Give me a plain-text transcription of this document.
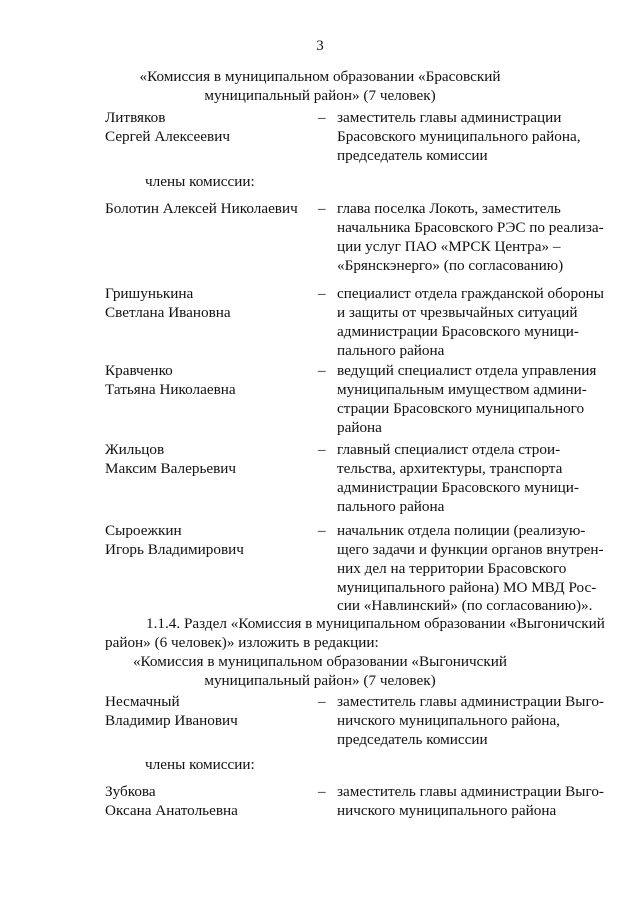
3
«Комиссия в муниципальном образовании «Брасовский
муниципальный район» (7 человек)
Литвяков
Сергей Алексеевич
– заместитель главы администрации
Брасовского муниципального района,
председатель комиссии
члены комиссии:
Болотин Алексей Николаевич – глава поселка Локоть, заместитель
начальника Брасовского РЭС по реализа-
ции услуг ПАО «МРСК Центра» –
«Брянскэнерго» (по согласованию)
Гришунькина
Светлана Ивановна
– специалист отдела гражданской обороны
и защиты от чрезвычайных ситуаций
администрации Брасовского муници-
пального района
Кравченко
Татьяна Николаевна
– ведущий специалист отдела управления
муниципальным имуществом админи-
страции Брасовского муниципального
района
Жильцов
Максим Валерьевич
– главный специалист отдела строи-
тельства, архитектуры, транспорта
администрации Брасовского муници-
пального района
Сыроежкин
Игорь Владимирович
– начальник отдела полиции (реализую-
щего задачи и функции органов внутрен-
них дел на территории Брасовского
муниципального района) МО МВД Рос-
сии «Навлинский» (по согласованию)».
1.1.4. Раздел «Комиссия в муниципальном образовании «Выгоничский
район» (6 человек)» изложить в редакции:
«Комиссия в муниципальном образовании «Выгоничский
муниципальный район» (7 человек)
Несмачный
Владимир Иванович
– заместитель главы администрации Выго-
ничского муниципального района,
председатель комиссии
члены комиссии:
Зубкова
Оксана Анатольевна
– заместитель главы администрации Выго-
ничского муниципального района
